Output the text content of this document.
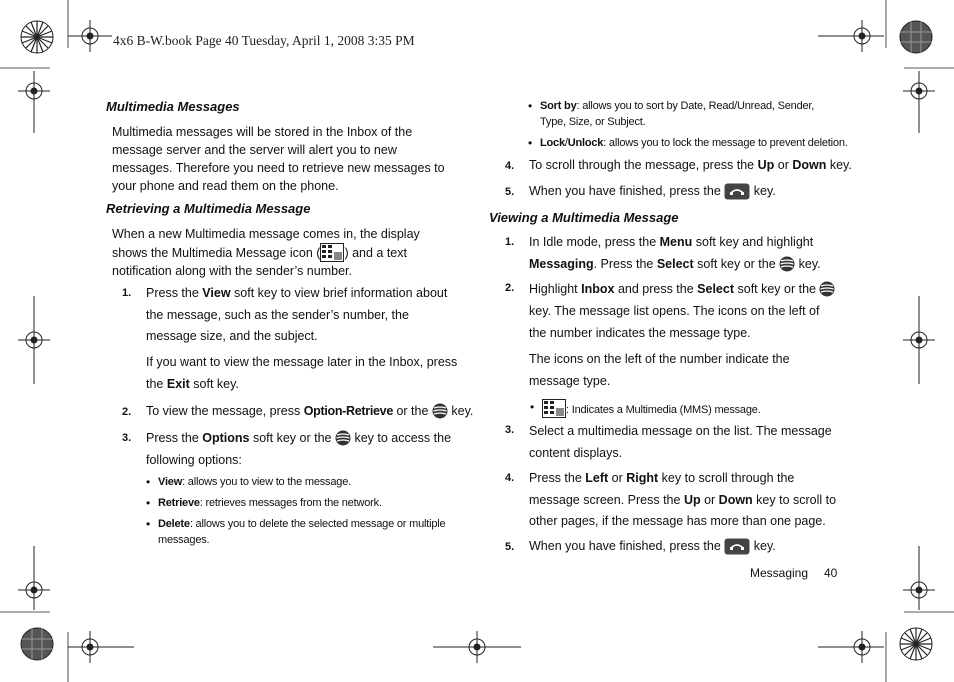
4x6 B-W.book Page 40 Tuesday, April 1, 2008 3:35 PM
Multimedia Messages
Multimedia messages will be stored in the Inbox of the message server and the server will alert you to new messages. Therefore you need to retrieve new messages to your phone and read them on the phone.
Retrieving a Multimedia Message
When a new Multimedia message comes in, the display shows the Multimedia Message icon ( ) and a text notification along with the sender’s number.
1. Press the View soft key to view brief information about the message, such as the sender’s number, the message size, and the subject.
If you want to view the message later in the Inbox, press the Exit soft key.
2. To view the message, press Option-Retrieve or the  key.
3. Press the Options soft key or the  key to access the following options:
• View: allows you to view to the message.
• Retrieve: retrieves messages from the network.
• Delete: allows you to delete the selected message or multiple messages.
• Sort by: allows you to sort by Date, Read/Unread, Sender, Type, Size, or Subject.
• Lock/Unlock: allows you to lock the message to prevent deletion.
4. To scroll through the message, press the Up or Down key.
5. When you have finished, press the  key.
Viewing a Multimedia Message
1. In Idle mode, press the Menu soft key and highlight Messaging. Press the Select soft key or the  key.
2. Highlight Inbox and press the Select soft key or the  key. The message list opens. The icons on the left of the number indicates the message type.
The icons on the left of the number indicate the message type.
• : Indicates a Multimedia (MMS) message.
3. Select a multimedia message on the list. The message content displays.
4. Press the Left or Right key to scroll through the message screen. Press the Up or Down key to scroll to other pages, if the message has more than one page.
5. When you have finished, press the  key.
Messaging 40
